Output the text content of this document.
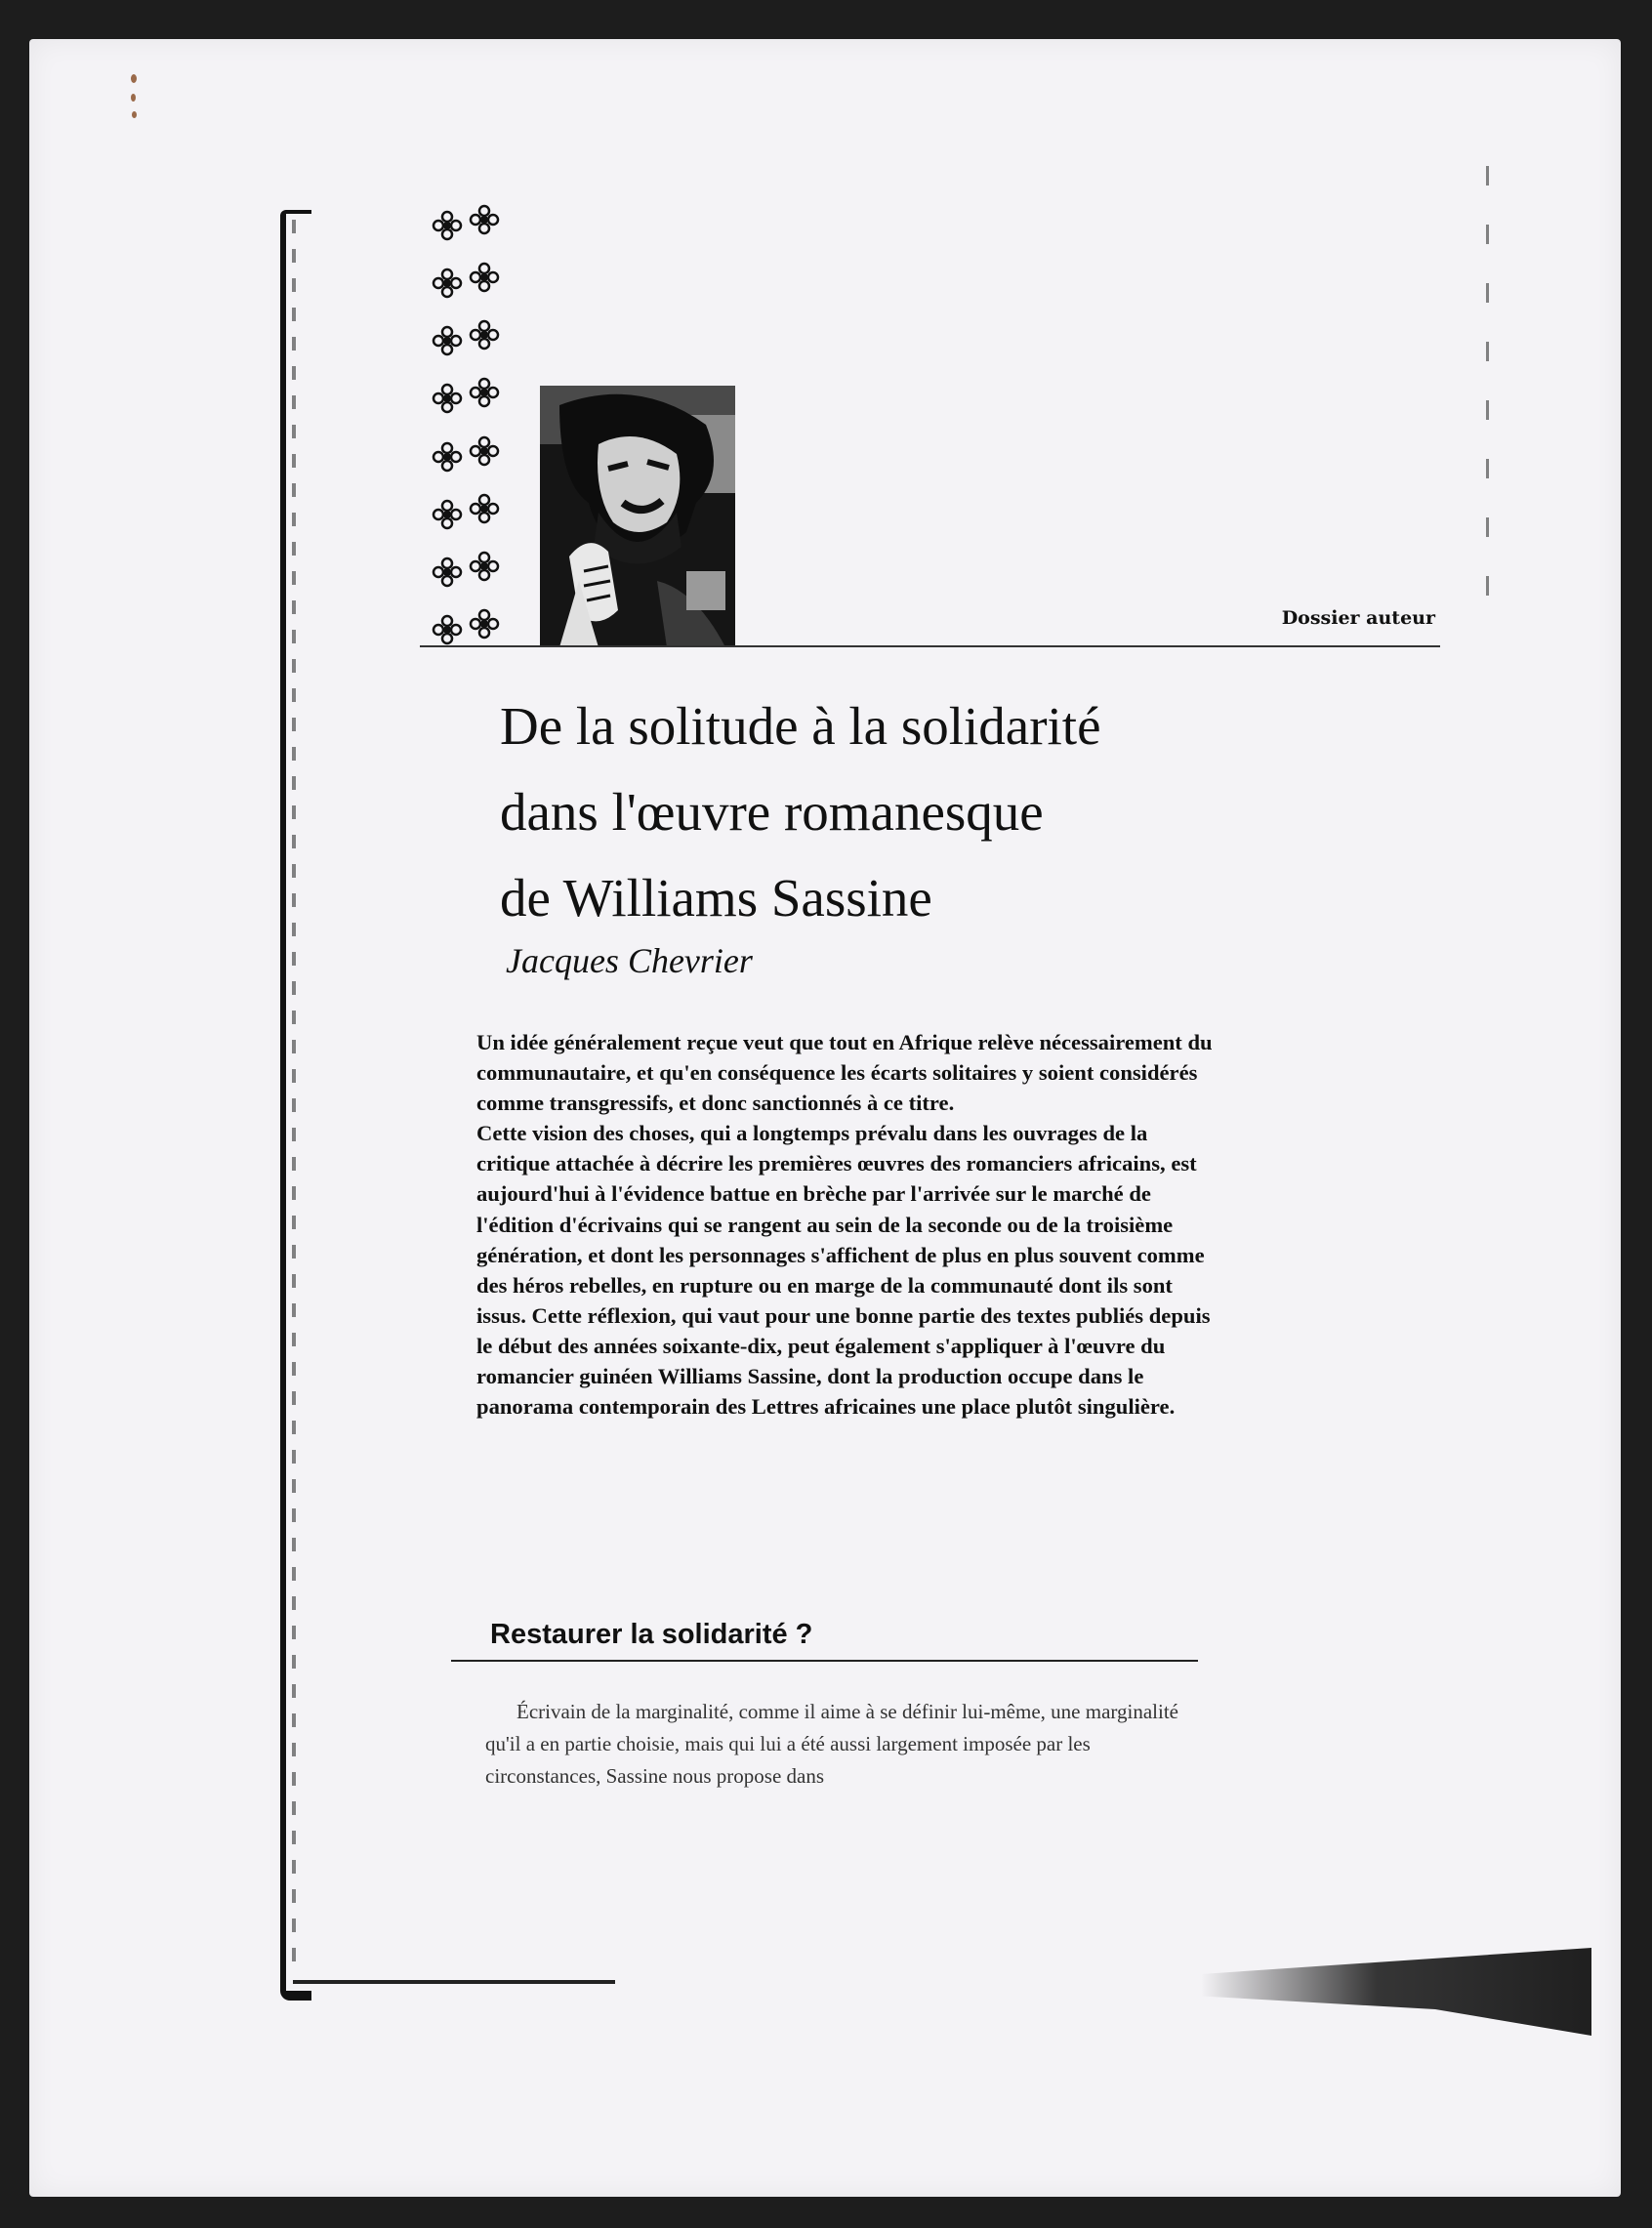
Dossier auteur
De la solitude à la solidarité
dans l'œuvre romanesque
de Williams Sassine
Jacques Chevrier

Un idée généralement reçue veut que tout en Afrique relève nécessairement du communautaire, et qu'en conséquence les écarts solitaires y soient considérés comme transgressifs, et donc sanctionnés à ce titre.

Cette vision des choses, qui a longtemps prévalu dans les ouvrages de la critique attachée à décrire les premières œuvres des romanciers africains, est aujourd'hui à l'évidence battue en brèche par l'arrivée sur le marché de l'édition d'écrivains qui se rangent au sein de la seconde ou de la troisième génération, et dont les personnages s'affichent de plus en plus souvent comme des héros rebelles, en rupture ou en marge de la communauté dont ils sont issus. Cette réflexion, qui vaut pour une bonne partie des textes publiés depuis le début des années soixante-dix, peut également s'appliquer à l'œuvre du romancier guinéen Williams Sassine, dont la production occupe dans le panorama contemporain des Lettres africaines une place plutôt singulière.

Restaurer la solidarité ?

Écrivain de la marginalité, comme il aime à se définir lui-même, une marginalité qu'il a en partie choisie, mais qui lui a été aussi largement imposée par les circonstances, Sassine nous propose dans
